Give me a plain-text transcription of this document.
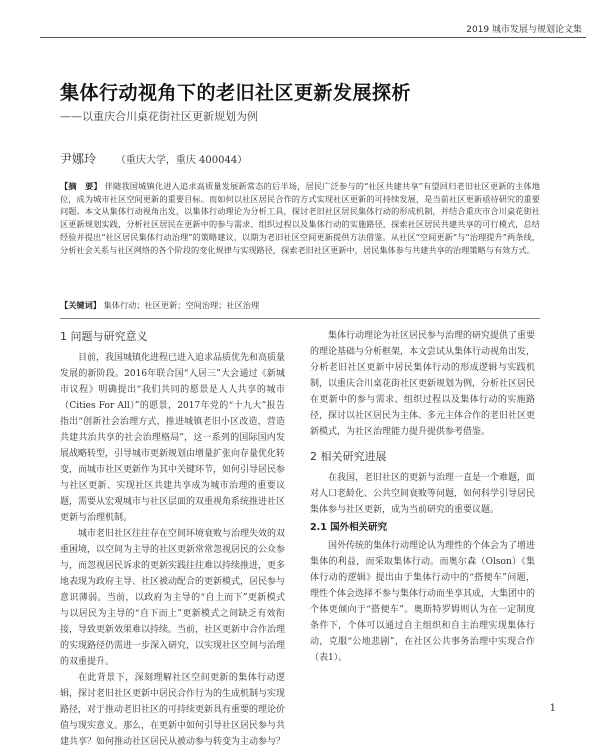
2019 城市发展与规划论文集
集体行动视角下的老旧社区更新发展探析
——以重庆合川桌花街社区更新规划为例
尹娜玲 （重庆大学，重庆 400044）
【摘　要】 伴随我国城镇化进入追求高质量发展新常态的后半场，居民广泛参与的“社区共建共享”有望回归老旧社区更新的主体地位，成为城市社区空间更新的重要目标。而如何以社区居民合作的方式实现社区更新的可持续发展，是当前社区更新亟待研究的重要问题。本文从集体行动视角出发，以集体行动理论为分析工具，探讨老旧社区居民集体行动的形成机制，并结合重庆市合川桌花街社区更新规划实践，分析社区居民在更新中的参与需求、组织过程以及集体行动的实施路径，探索社区居民共建共享的可行模式，总结经验并提出“社区居民集体行动治理”的策略建议，以期为老旧社区空间更新提供方法借鉴。从社区“空间更新”与“治理提升”两条线，分析社会关系与社区网络的各个阶段的变化规律与实现路径，探索老旧社区更新中，居民集体参与共建共享的治理策略与有效方式。
【关键词】 集体行动；社区更新；空间治理；社区治理
1 问题与研究意义

目前，我国城镇化进程已进入追求品质优先和高质量发展的新阶段。2016年联合国“人居三”大会通过《新城市议程》明确提出“我们共同的愿景是人人共享的城市（Cities For All）”的愿景，2017年党的“十九大”报告指出“创新社会治理方式，推进城镇老旧小区改造，营造共建共治共享的社会治理格局”，这一系列的国际国内发展战略转型，引导城市更新规划由增量扩张向存量优化转变，而城市社区更新作为其中关键环节，如何引导居民参与社区更新、实现社区共建共享成为城市治理的重要议题，需要从宏观城市与社区层面的双重视角系统推进社区更新与治理机制。

城市老旧社区往往存在空间环境衰败与治理失效的双重困境，以空间为主导的社区更新常常忽视居民的公众参与，而忽视居民诉求的更新实践往往难以持续推进，更多地表现为政府主导、社区被动配合的更新模式，居民参与意识薄弱。当前，以政府为主导的“自上而下”更新模式与以居民为主导的“自下而上”更新模式之间缺乏有效衔接，导致更新效果难以持续。当前，社区更新中合作治理的实现路径仍需进一步深入研究，以实现社区空间与治理的双重提升。

在此背景下，深刻理解社区空间更新的集体行动逻辑，探讨老旧社区更新中居民合作行为的生成机制与实现路径，对于推动老旧社区的可持续更新具有重要的理论价值与现实意义。那么，在更新中如何引导社区居民参与共建共享？如何推动社区居民从被动参与转变为主动参与？

集体行动理论为社区居民参与治理的研究提供了重要的理论基础与分析框架，本文尝试从集体行动视角出发，分析老旧社区更新中居民集体行动的形成逻辑与实践机制，以重庆合川桌花街社区更新规划为例，分析社区居民在更新中的参与需求、组织过程以及集体行动的实施路径，探讨以社区居民为主体、多元主体合作的老旧社区更新模式，为社区治理能力提升提供参考借鉴。

2 相关研究进展

在我国，老旧社区的更新与治理一直是一个难题，面对人口老龄化、公共空间衰败等问题，如何科学引导居民集体参与社区更新，成为当前研究的重要议题。

2.1 国外相关研究

国外传统的集体行动理论认为理性的个体会为了增进集体的利益，而采取集体行动。而奥尔森（Olson）《集体行动的逻辑》提出由于集体行动中的“搭便车”问题，理性个体会选择不参与集体行动而坐享其成，大集团中的个体更倾向于“搭便车”。奥斯特罗姆则认为在一定制度条件下，个体可以通过自主组织和自主治理实现集体行动，克服“公地悲剧”，在社区公共事务治理中实现合作（表1）。

1
